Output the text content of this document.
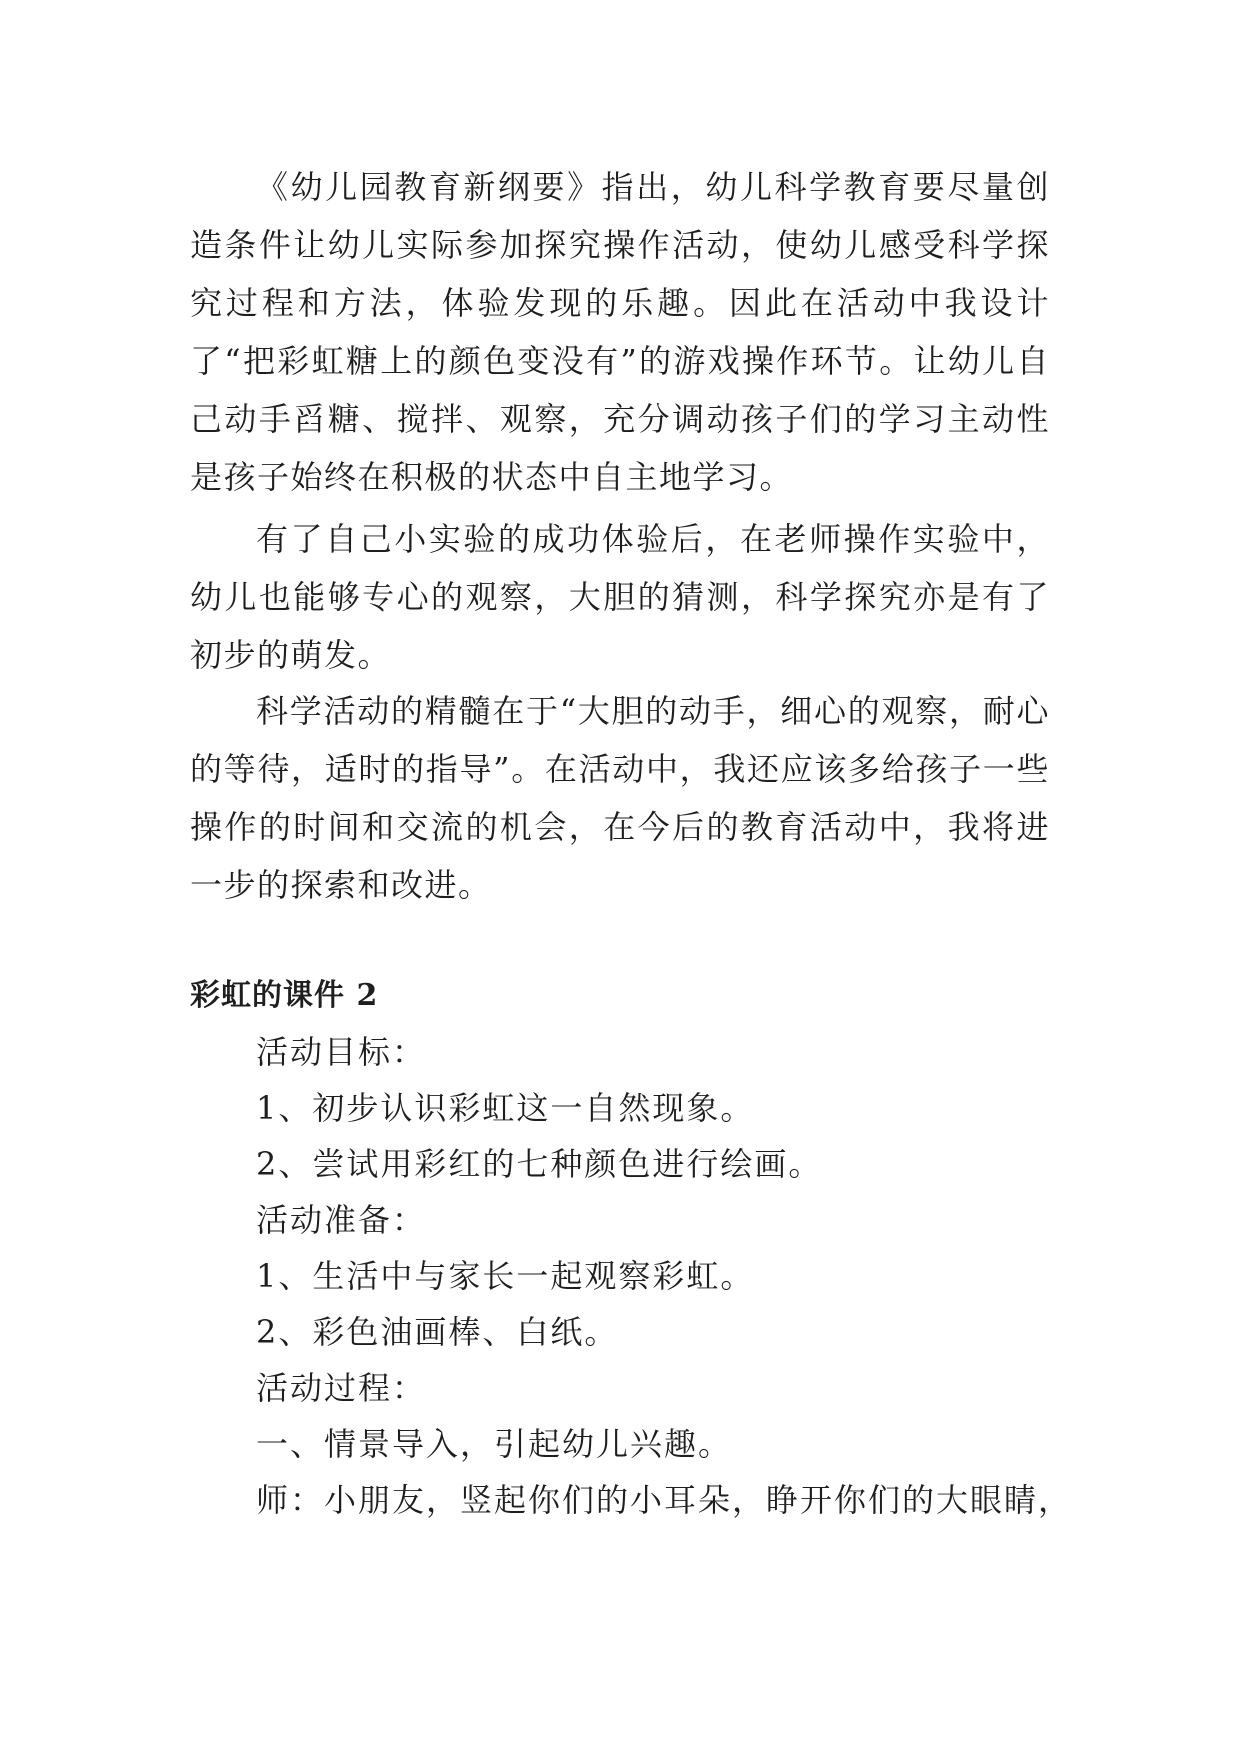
《幼儿园教育新纲要》指出，幼儿科学教育要尽量创造条件让幼儿实际参加探究操作活动，使幼儿感受科学探究过程和方法，体验发现的乐趣。因此在活动中我设计了“把彩虹糖上的颜色变没有”的游戏操作环节。让幼儿自己动手舀糖、搅拌、观察，充分调动孩子们的学习主动性是孩子始终在积极的状态中自主地学习。

有了自己小实验的成功体验后，在老师操作实验中，幼儿也能够专心的观察，大胆的猜测，科学探究亦是有了初步的萌发。

科学活动的精髓在于“大胆的动手，细心的观察，耐心的等待，适时的指导”。在活动中，我还应该多给孩子一些操作的时间和交流的机会，在今后的教育活动中，我将进一步的探索和改进。

彩虹的课件 2

活动目标：

1、初步认识彩虹这一自然现象。

2、尝试用彩红的七种颜色进行绘画。

活动准备：

1、生活中与家长一起观察彩虹。

2、彩色油画棒、白纸。

活动过程：

一、情景导入，引起幼儿兴趣。

师：小朋友，竖起你们的小耳朵，睁开你们的大眼睛，
